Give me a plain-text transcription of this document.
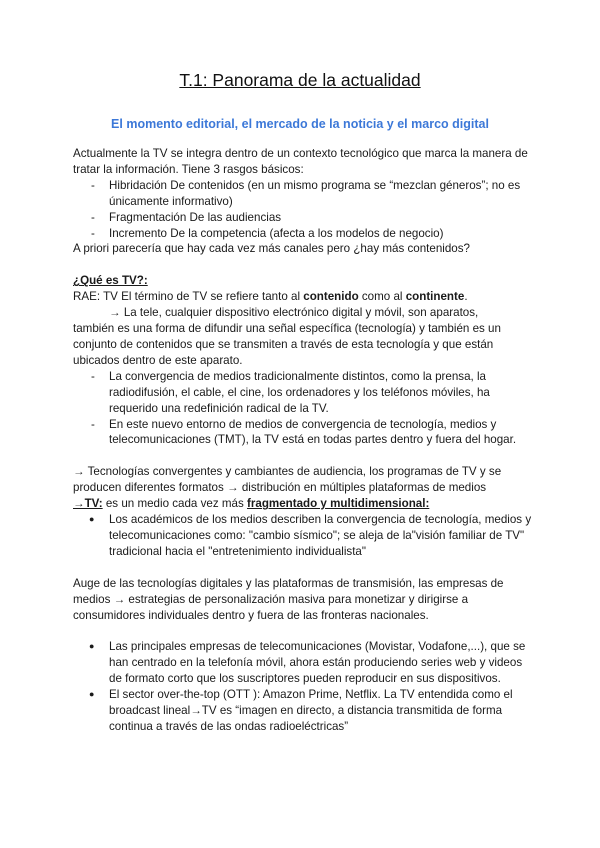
T.1: Panorama de la actualidad
El momento editorial, el mercado de la noticia y el marco digital

Actualmente la TV se integra dentro de un contexto tecnológico que marca la manera de tratar la información. Tiene 3 rasgos básicos:

- Hibridación De contenidos (en un mismo programa se “mezclan géneros”; no es únicamente informativo)
- Fragmentación De las audiencias
- Incremento De la competencia (afecta a los modelos de negocio)

A priori parecería que hay cada vez más canales pero ¿hay más contenidos?

¿Qué es TV?:

RAE: TV El término de TV se refiere tanto al contenido como al continente.

→ La tele, cualquier dispositivo electrónico digital y móvil, son aparatos,

también es una forma de difundir una señal específica (tecnología) y también es un conjunto de contenidos que se transmiten a través de esta tecnología y que están ubicados dentro de este aparato.

- La convergencia de medios tradicionalmente distintos, como la prensa, la radiodifusión, el cable, el cine, los ordenadores y los teléfonos móviles, ha requerido una redefinición radical de la TV.
- En este nuevo entorno de medios de convergencia de tecnología, medios y telecomunicaciones (TMT), la TV está en todas partes dentro y fuera del hogar.

→ Tecnologías convergentes y cambiantes de audiencia, los programas de TV y se producen diferentes formatos → distribución en múltiples plataformas de medios

→TV: es un medio cada vez más fragmentado y multidimensional:

● Los académicos de los medios describen la convergencia de tecnología, medios y telecomunicaciones como: "cambio sísmico"; se aleja de la"visión familiar de TV" tradicional hacia el "entretenimiento individualista"

Auge de las tecnologías digitales y las plataformas de transmisión, las empresas de medios → estrategias de personalización masiva para monetizar y dirigirse a consumidores individuales dentro y fuera de las fronteras nacionales.

● Las principales empresas de telecomunicaciones (Movistar, Vodafone,...), que se han centrado en la telefonía móvil, ahora están produciendo series web y videos de formato corto que los suscriptores pueden reproducir en sus dispositivos.
● El sector over-the-top (OTT ): Amazon Prime, Netflix. La TV entendida como el broadcast lineal→TV es “imagen en directo, a distancia transmitida de forma continua a través de las ondas radioeléctricas”
